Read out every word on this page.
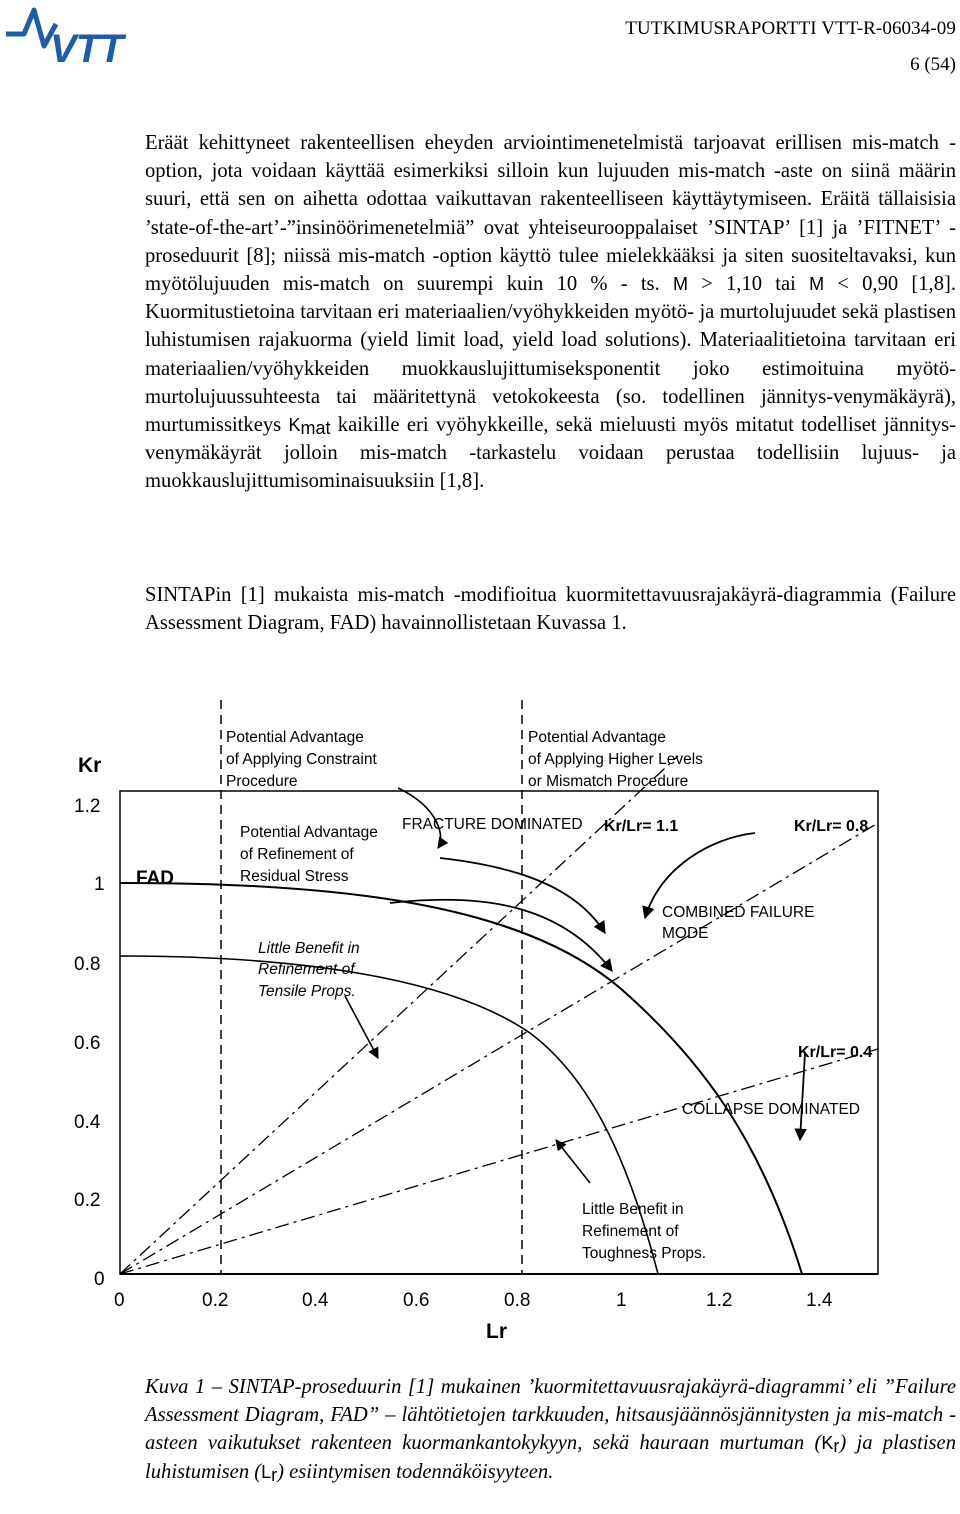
VTT	TUTKIMUSRAPORTTI VTT-R-06034-09
6 (54)

Eräät kehittyneet rakenteellisen eheyden arviointimenetelmistä tarjoavat erillisen mis-match -option, jota voidaan käyttää esimerkiksi silloin kun lujuuden mis-match -aste on siinä määrin suuri, että sen on aihetta odottaa vaikuttavan rakenteelliseen käyttäytymiseen. Eräitä tällaisisia ’state-of-the-art’-”insinöörimenetelmiä” ovat yhteiseurooppalaiset ’SINTAP’ [1] ja ’FITNET’ -proseduurit [8]; niissä mis-match -option käyttö tulee mielekkääksi ja siten suositeltavaksi, kun myötölujuuden mis-match on suurempi kuin 10 % - ts. M > 1,10 tai M < 0,90 [1,8]. Kuormitustietoina tarvitaan eri materiaalien/vyöhykkeiden myötö- ja murtolujuudet sekä plastisen luhistumisen rajakuorma (yield limit load, yield load solutions). Materiaalitietoina tarvitaan eri materiaalien/vyöhykkeiden muokkauslujittumiseksponentit joko estimoituina myötö-murtolujuussuhteesta tai määritettynä vetokokeesta (so. todellinen jännitys-venymäkäyrä), murtumissitkeys $K_{mat}$ kaikille eri vyöhykkeille, sekä mieluusti myös mitatut todelliset jännitys-venymäkäyrät jolloin mis-match -tarkastelu voidaan perustaa todellisiin lujuus- ja muokkauslujittumisominaisuuksiin [1,8].

SINTAPin [1] mukaista mis-match -modifioitua kuormitettavuusrajakäyrä-diagrammia (Failure Assessment Diagram, FAD) havainnollistetaan Kuvassa 1.

Kr
Lr
0
0.2
0.4
0.6
0.8
1
1.2
0	0.2	0.4	0.6	0.8	1	1.2	1.4
Potential Advantage
of Applying Constraint
Procedure
Potential Advantage
of Applying Higher Levels
or Mismatch Procedure
Potential Advantage
of Refinement of
Residual Stress
Little Benefit in
Refinement of
Tensile Props.
Little Benefit in
Refinement of
Toughness Props.
FAD
FRACTURE DOMINATED
COMBINED FAILURE
MODE
COLLAPSE DOMINATED
Kr/Lr= 1.1	Kr/Lr= 0.8
Kr/Lr= 0.4

Kuva 1 – SINTAP-proseduurin [1] mukainen ’kuormitettavuusrajakäyrä-diagrammi’ eli ”Failure Assessment Diagram, FAD” – lähtötietojen tarkkuuden, hitsausjäännösjännitysten ja mis-match -asteen vaikutukset rakenteen kuormankantokykyyn, sekä hauraan murtuman $(K_r)$ ja plastisen luhistumisen $(L_r)$ esiintymisen todennäköisyyteen.
